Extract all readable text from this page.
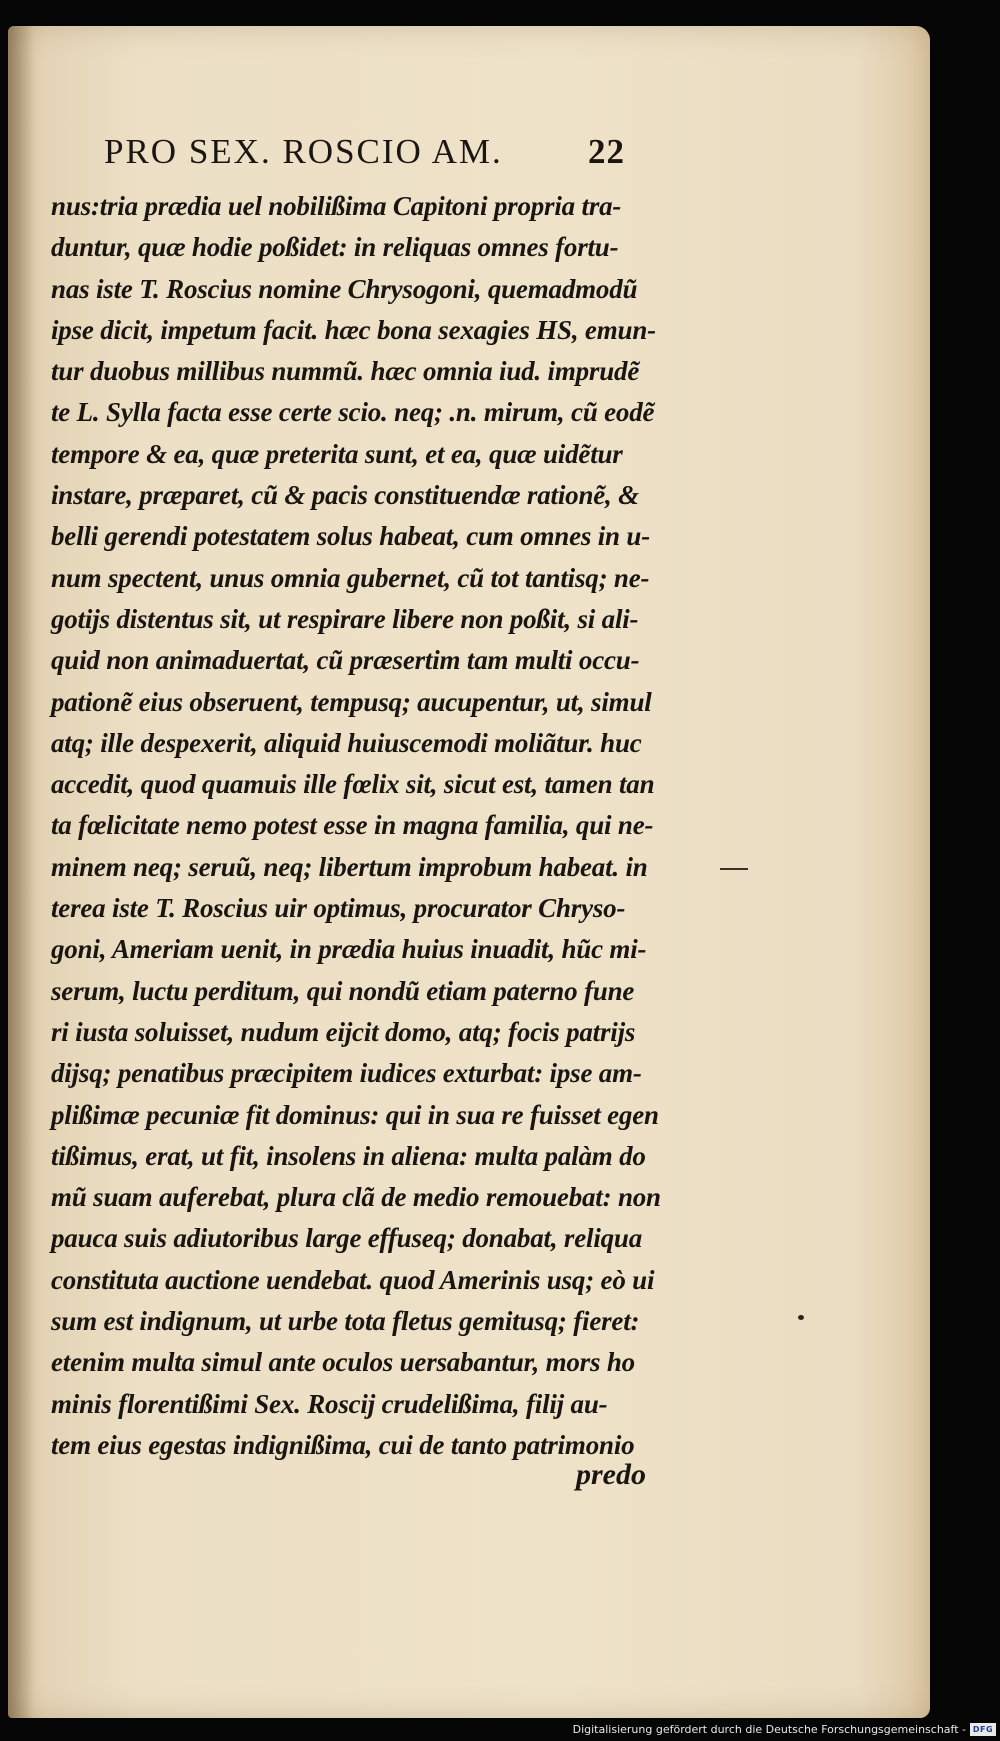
PRO SEX. ROSCIO AM. 22
nus:tria prædia uel nobilißima Capitoni propria tra-
duntur, quæ hodie poßidet: in reliquas omnes fortu-
nas iste T. Roscius nomine Chrysogoni, quemadmodũ
ipse dicit, impetum facit. hæc bona sexagies HS, emun-
tur duobus millibus nummũ. hæc omnia iud. imprudẽ
te L. Sylla facta esse certe scio. neq; .n. mirum, cũ eodẽ
tempore & ea, quæ preterita sunt, et ea, quæ uidẽtur
instare, præparet, cũ & pacis constituendæ rationẽ, &
belli gerendi potestatem solus habeat, cum omnes in u-
num spectent, unus omnia gubernet, cũ tot tantisq; ne-
gotijs distentus sit, ut respirare libere non poßit, si ali-
quid non animaduertat, cũ præsertim tam multi occu-
pationẽ eius obseruent, tempusq; aucupentur, ut, simul
atq; ille despexerit, aliquid huiuscemodi moliãtur. huc
accedit, quod quamuis ille fœlix sit, sicut est, tamen tan
ta fœlicitate nemo potest esse in magna familia, qui ne-
minem neq; seruũ, neq; libertum improbum habeat. in
terea iste T. Roscius uir optimus, procurator Chryso-
goni, Ameriam uenit, in prædia huius inuadit, hũc mi-
serum, luctu perditum, qui nondũ etiam paterno fune
ri iusta soluisset, nudum eijcit domo, atq; focis patrijs
dijsq; penatibus præcipitem iudices exturbat: ipse am-
plißimæ pecuniæ fit dominus: qui in sua re fuisset egen
tißimus, erat, ut fit, insolens in aliena: multa palàm do
mũ suam auferebat, plura clã de medio remouebat: non
pauca suis adiutoribus large effuseq; donabat, reliqua
constituta auctione uendebat. quod Amerinis usq; eò ui
sum est indignum, ut urbe tota fletus gemitusq; fieret:
etenim multa simul ante oculos uersabantur, mors ho
minis florentißimi Sex. Roscij crudelißima, filij au-
tem eius egestas indignißima, cui de tanto patrimonio
predo
Digitalisierung gefördert durch die Deutsche Forschungsgemeinschaft - DFG
